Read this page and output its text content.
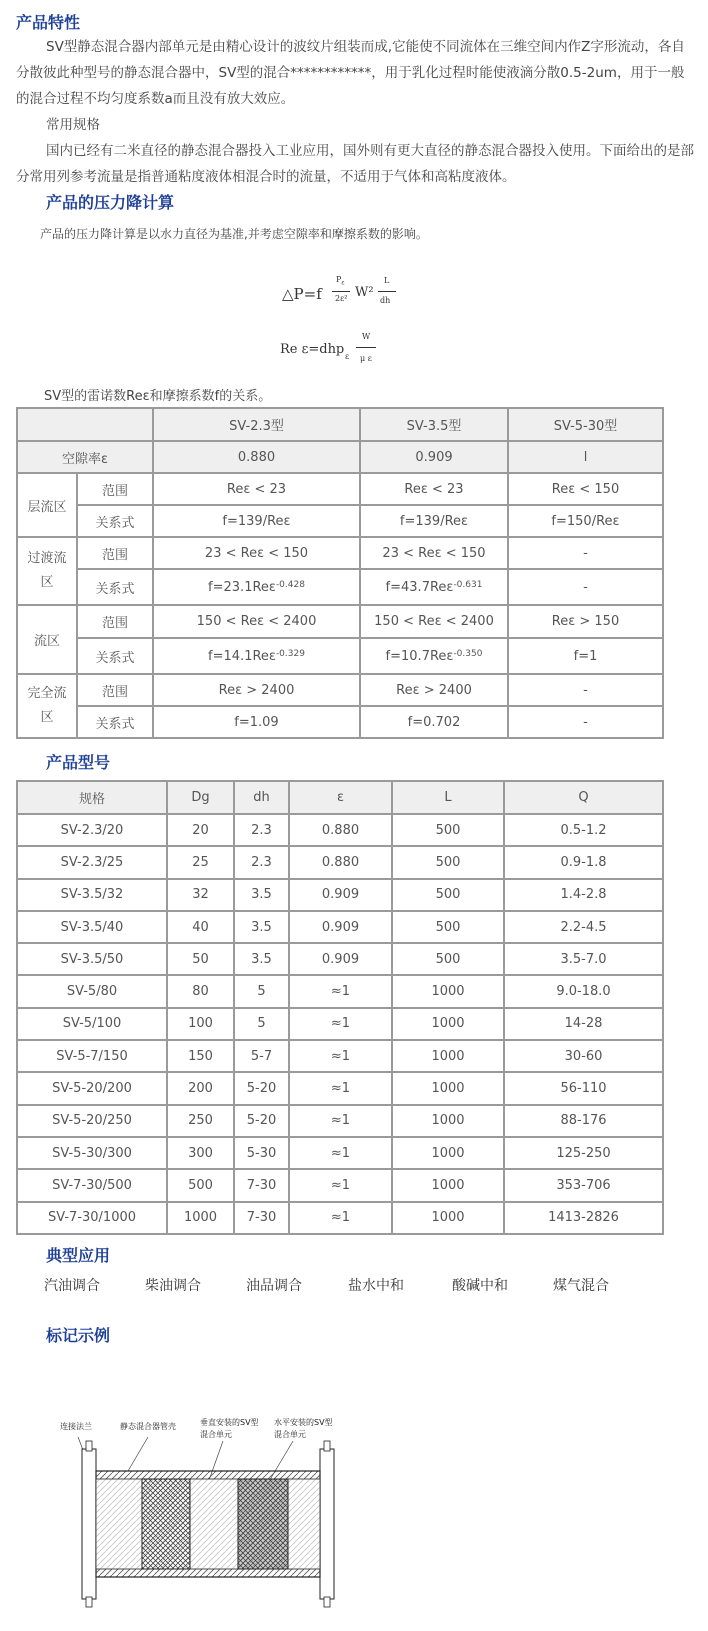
产品特性
SV型静态混合器内部单元是由精心设计的波纹片组装而成,它能使不同流体在三维空间内作Z字形流动，各自分散彼此种型号的静态混合器中，SV型的混合************，用于乳化过程时能使液滴分散0.5-2um，用于一般的混合过程不均匀度系数a而且没有放大效应。
常用规格
国内已经有二米直径的静态混合器投入工业应用，国外则有更大直径的静态混合器投入使用。下面给出的是部分常用列参考流量是指普通粘度液体相混合时的流量，不适用于气体和高粘度液体。
产品的压力降计算
产品的压力降计算是以水力直径为基准,并考虑空隙率和摩擦系数的影响。
△P=f
$P_\varepsilon$
2ε² W²
L
dh
Re ε=dhp ε
W
μ ε
SV型的雷诺数Reε和摩擦系数f的关系。
		SV-2.3型	SV-3.5型	SV-5-30型
空隙率ε		0.880	0.909	l
层流区	范围	Reε < 23	Reε < 23	Reε < 150
	关系式	f=139/Reε	f=139/Reε	f=150/Reε
过渡流
区	范围	23 < Reε < 150	23 < Reε < 150	-
	关系式	f=23.1Reε$^{-0.428}$	f=43.7Reε$^{-0.631}$	-
流区	范围	150 < Reε < 2400	150 < Reε < 2400	Reε > 150
	关系式	f=14.1Reε$^{-0.329}$	f=10.7Reε$^{-0.350}$	f=1
完全流
区	范围	Reε > 2400	Reε > 2400	-
	关系式	f=1.09	f=0.702	-
产品型号
规格	Dg	dh	ε	L	Q
SV-2.3/20	20	2.3	0.880	500	0.5-1.2
SV-2.3/25	25	2.3	0.880	500	0.9-1.8
SV-3.5/32	32	3.5	0.909	500	1.4-2.8
SV-3.5/40	40	3.5	0.909	500	2.2-4.5
SV-3.5/50	50	3.5	0.909	500	3.5-7.0
SV-5/80	80	5	≈1	1000	9.0-18.0
SV-5/100	100	5	≈1	1000	14-28
SV-5-7/150	150	5-7	≈1	1000	30-60
SV-5-20/200	200	5-20	≈1	1000	56-110
SV-5-20/250	250	5-20	≈1	1000	88-176
SV-5-30/300	300	5-30	≈1	1000	125-250
SV-7-30/500	500	7-30	≈1	1000	353-706
SV-7-30/1000	1000	7-30	≈1	1000	1413-2826
典型应用
汽油调合	柴油调合	油品调合	盐水中和	酸碱中和	煤气混合
标记示例
连接法兰	静态混合器管壳	垂直安装的SV型
混合单元
水平安装的SV型
混合单元
